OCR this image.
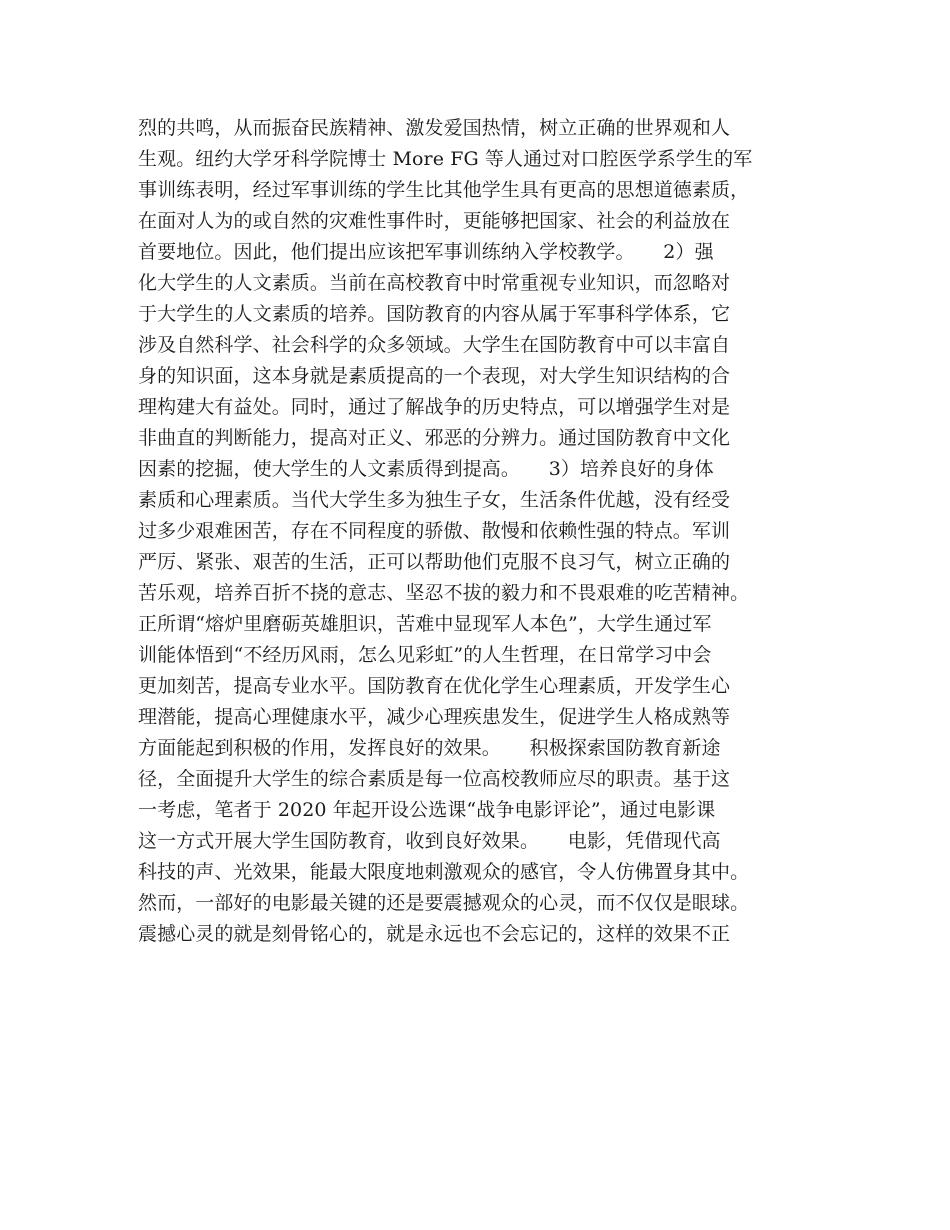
烈的共鸣，从而振奋民族精神、激发爱国热情，树立正确的世界观和人
生观。纽约大学牙科学院博士 More FG 等人通过对口腔医学系学生的军
事训练表明，经过军事训练的学生比其他学生具有更高的思想道德素质，
在面对人为的或自然的灾难性事件时，更能够把国家、社会的利益放在
首要地位。因此，他们提出应该把军事训练纳入学校教学。　　2）强
化大学生的人文素质。当前在高校教育中时常重视专业知识，而忽略对
于大学生的人文素质的培养。国防教育的内容从属于军事科学体系，它
涉及自然科学、社会科学的众多领域。大学生在国防教育中可以丰富自
身的知识面，这本身就是素质提高的一个表现，对大学生知识结构的合
理构建大有益处。同时，通过了解战争的历史特点，可以增强学生对是
非曲直的判断能力，提高对正义、邪恶的分辨力。通过国防教育中文化
因素的挖掘，使大学生的人文素质得到提高。　　3）培养良好的身体
素质和心理素质。当代大学生多为独生子女，生活条件优越，没有经受
过多少艰难困苦，存在不同程度的骄傲、散慢和依赖性强的特点。军训
严厉、紧张、艰苦的生活，正可以帮助他们克服不良习气，树立正确的
苦乐观，培养百折不挠的意志、坚忍不拔的毅力和不畏艰难的吃苦精神。
正所谓“熔炉里磨砺英雄胆识，苦难中显现军人本色”，大学生通过军
训能体悟到“不经历风雨，怎么见彩虹”的人生哲理，在日常学习中会
更加刻苦，提高专业水平。国防教育在优化学生心理素质，开发学生心
理潜能，提高心理健康水平，减少心理疾患发生，促进学生人格成熟等
方面能起到积极的作用，发挥良好的效果。　　积极探索国防教育新途
径，全面提升大学生的综合素质是每一位高校教师应尽的职责。基于这
一考虑，笔者于 2020 年起开设公选课“战争电影评论”，通过电影课
这一方式开展大学生国防教育，收到良好效果。　　电影，凭借现代高
科技的声、光效果，能最大限度地刺激观众的感官，令人仿佛置身其中。
然而，一部好的电影最关键的还是要震撼观众的心灵，而不仅仅是眼球。
震撼心灵的就是刻骨铭心的，就是永远也不会忘记的，这样的效果不正
